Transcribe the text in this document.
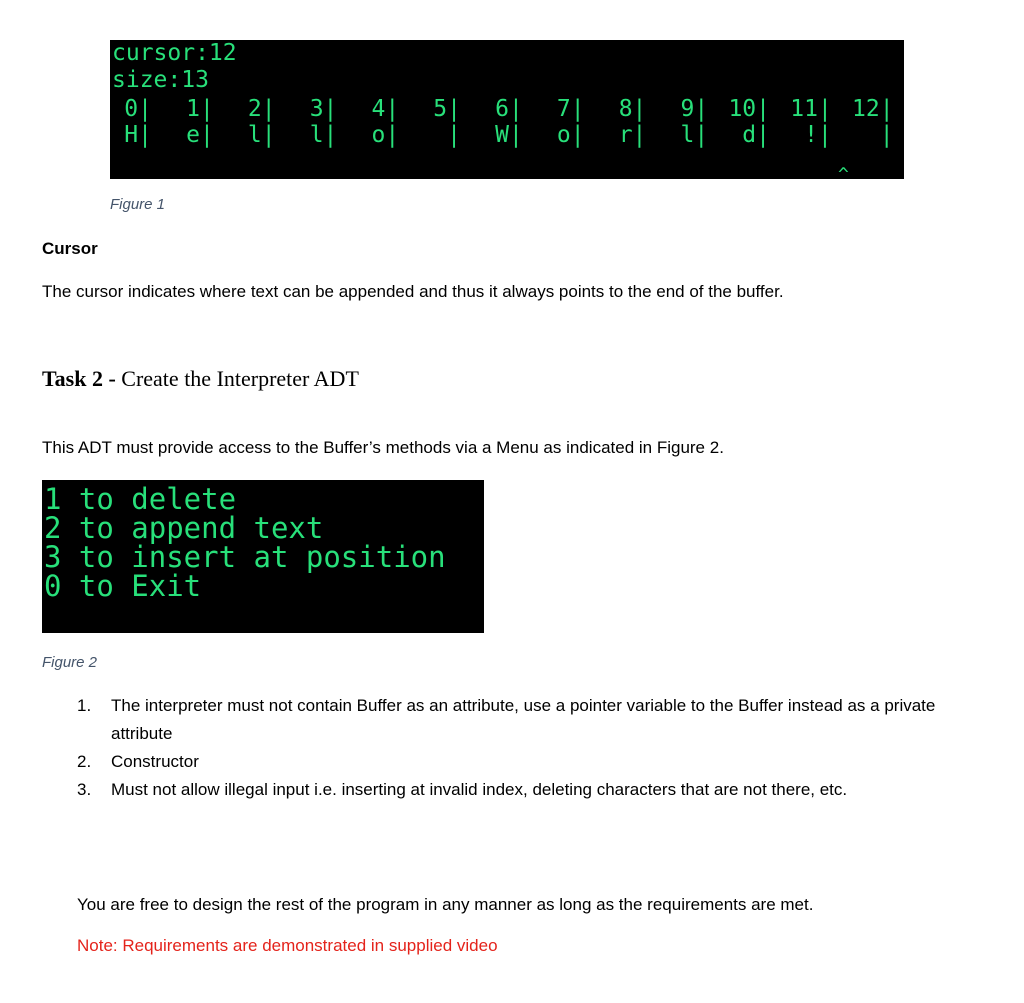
cursor:12

size:13

0|	1|	2|	3|	4|	5|	6|	7|	8|	9| 10| 11| 12|

H|	e|	l|	l|	o|	|	W|	o|	r|	l|	d|	!|	|

^

Figure 1
Cursor
The cursor indicates where text can be appended and thus it always points to the end of the buffer.
Task 2 - Create the Interpreter ADT
This ADT must provide access to the Buffer’s methods via a Menu as indicated in Figure 2.

1 to delete

2 to append text

3 to insert at position

0 to Exit

Figure 2
1.	The interpreter must not contain Buffer as an attribute, use a pointer variable to the Buffer instead as a private attribute
2.	Constructor
3.	Must not allow illegal input i.e. inserting at invalid index, deleting characters that are not there, etc.
You are free to design the rest of the program in any manner as long as the requirements are met.
Note: Requirements are demonstrated in supplied video
